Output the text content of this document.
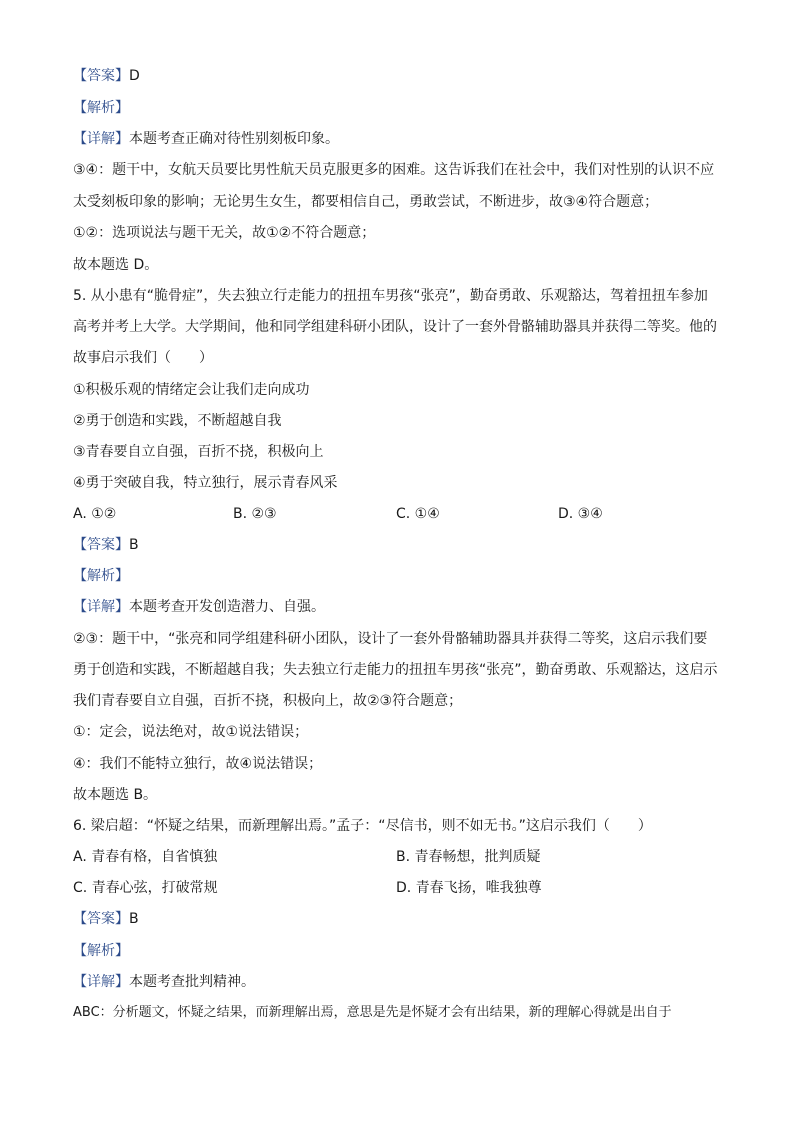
【答案】D
【解析】
【详解】本题考查正确对待性别刻板印象。
③④：题干中，女航天员要比男性航天员克服更多的困难。这告诉我们在社会中，我们对性别的认识不应
太受刻板印象的影响；无论男生女生，都要相信自己，勇敢尝试，不断进步，故③④符合题意；
①②：选项说法与题干无关，故①②不符合题意；
故本题选 D。
5. 从小患有“脆骨症”，失去独立行走能力的扭扭车男孩“张亮”，勤奋勇敢、乐观豁达，驾着扭扭车参加
高考并考上大学。大学期间，他和同学组建科研小团队，设计了一套外骨骼辅助器具并获得二等奖。他的
故事启示我们（　　）
①积极乐观的情绪定会让我们走向成功
②勇于创造和实践，不断超越自我
③青春要自立自强，百折不挠，积极向上
④勇于突破自我，特立独行，展示青春风采
A. ①②	B. ②③	C. ①④	D. ③④
【答案】B
【解析】
【详解】本题考查开发创造潜力、自强。
②③：题干中，“张亮和同学组建科研小团队，设计了一套外骨骼辅助器具并获得二等奖，这启示我们要
勇于创造和实践，不断超越自我；失去独立行走能力的扭扭车男孩“张亮”，勤奋勇敢、乐观豁达，这启示
我们青春要自立自强，百折不挠，积极向上，故②③符合题意；
①：定会，说法绝对，故①说法错误；
④：我们不能特立独行，故④说法错误；
故本题选 B。
6. 梁启超：“怀疑之结果，而新理解出焉。”孟子：“尽信书，则不如无书。”这启示我们（　　）
A. 青春有格，自省慎独	B. 青春畅想，批判质疑
C. 青春心弦，打破常规	D. 青春飞扬，唯我独尊
【答案】B
【解析】
【详解】本题考查批判精神。
ABC：分析题文，怀疑之结果，而新理解出焉，意思是先是怀疑才会有出结果，新的理解心得就是出自于
